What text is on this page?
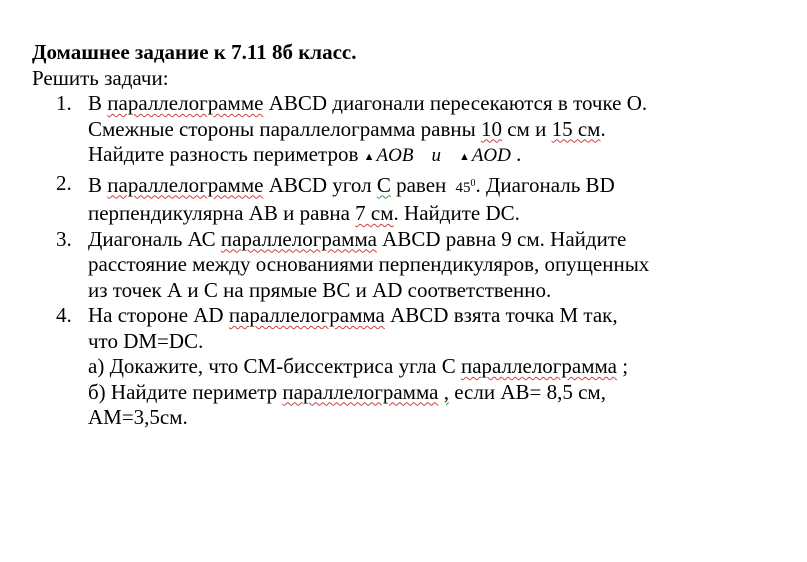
Домашнее задание к 7.11 8б класс.
Решить задачи:
1. В параллелограмме ABCD диагонали пересекаются в точке О.
Смежные стороны параллелограмма равны 10 см и 15 см.
Найдите разность периметров ▲ AOB и ▲ AOD .
2. В параллелограмме ABCD угол С равен $45^0$. Диагональ BD
перпендикулярна АВ и равна 7 см. Найдите DC.
3. Диагональ АС параллелограмма ABCD равна 9 см. Найдите
расстояние между основаниями перпендикуляров, опущенных
из точек А и С на прямые ВС и AD соответственно.
4. На стороне AD параллелограмма ABCD взята точка М так,
что DM=DC.
а) Докажите, что СМ-биссектриса угла С параллелограмма ;
б) Найдите периметр параллелограмма , если АВ= 8,5 см,
АМ=3,5см.
